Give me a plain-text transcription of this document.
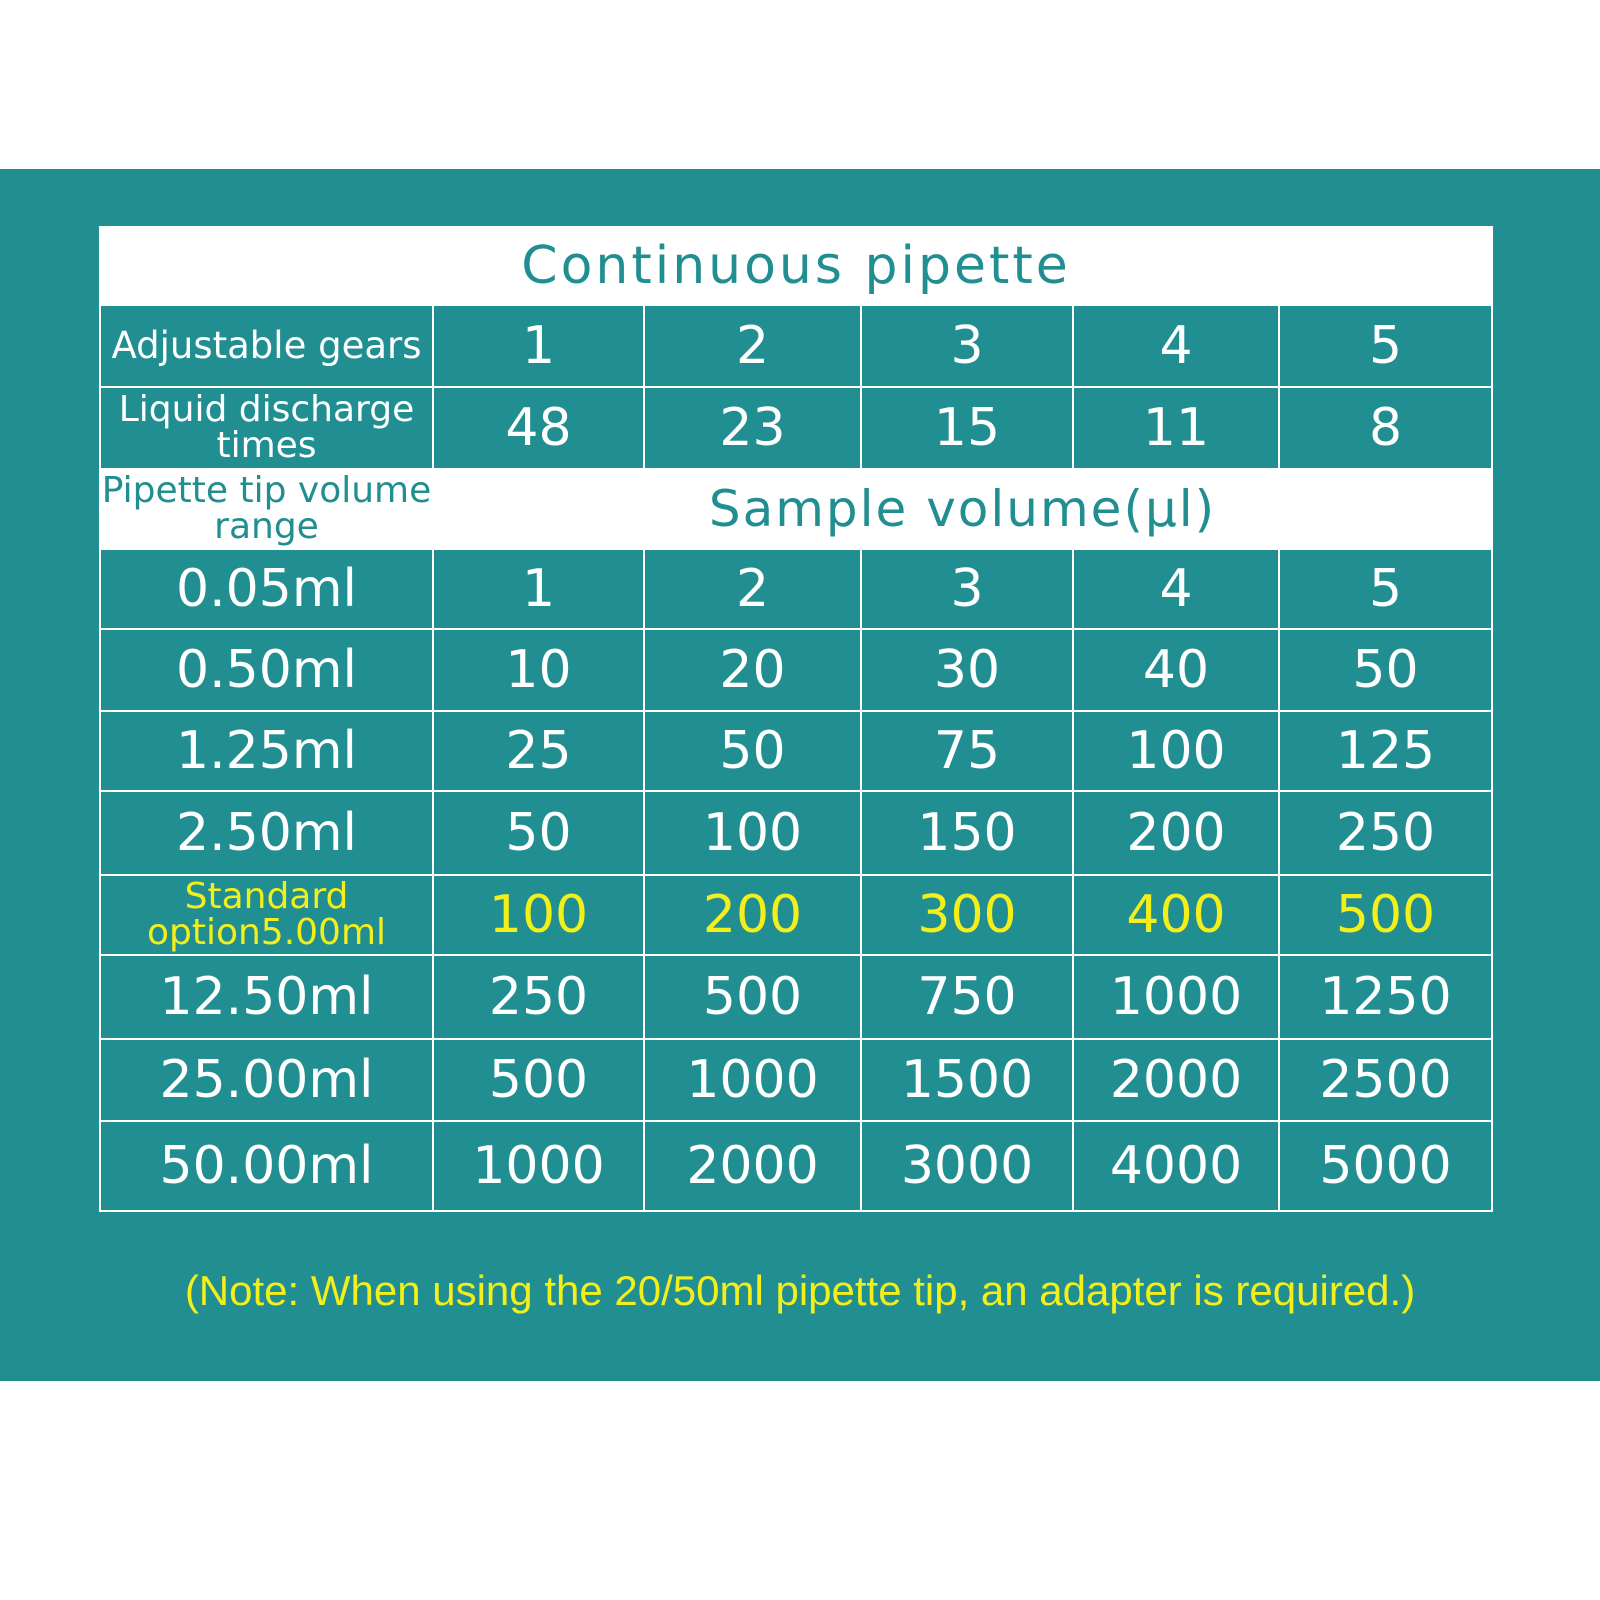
Continuous pipette					
Adjustable gears	1	2	3	4	5
Liquid discharge times	48	23	15	11	8
Pipette tip volume range	Sample volume(µl)				
0.05ml	1	2	3	4	5
0.50ml	10	20	30	40	50
1.25ml	25	50	75	100	125
2.50ml	50	100	150	200	250
Standard option5.00ml	100	200	300	400	500
12.50ml	250	500	750	1000	1250
25.00ml	500	1000	1500	2000	2500
50.00ml	1000	2000	3000	4000	5000
(Note: When using the 20/50ml pipette tip, an adapter is required.)
